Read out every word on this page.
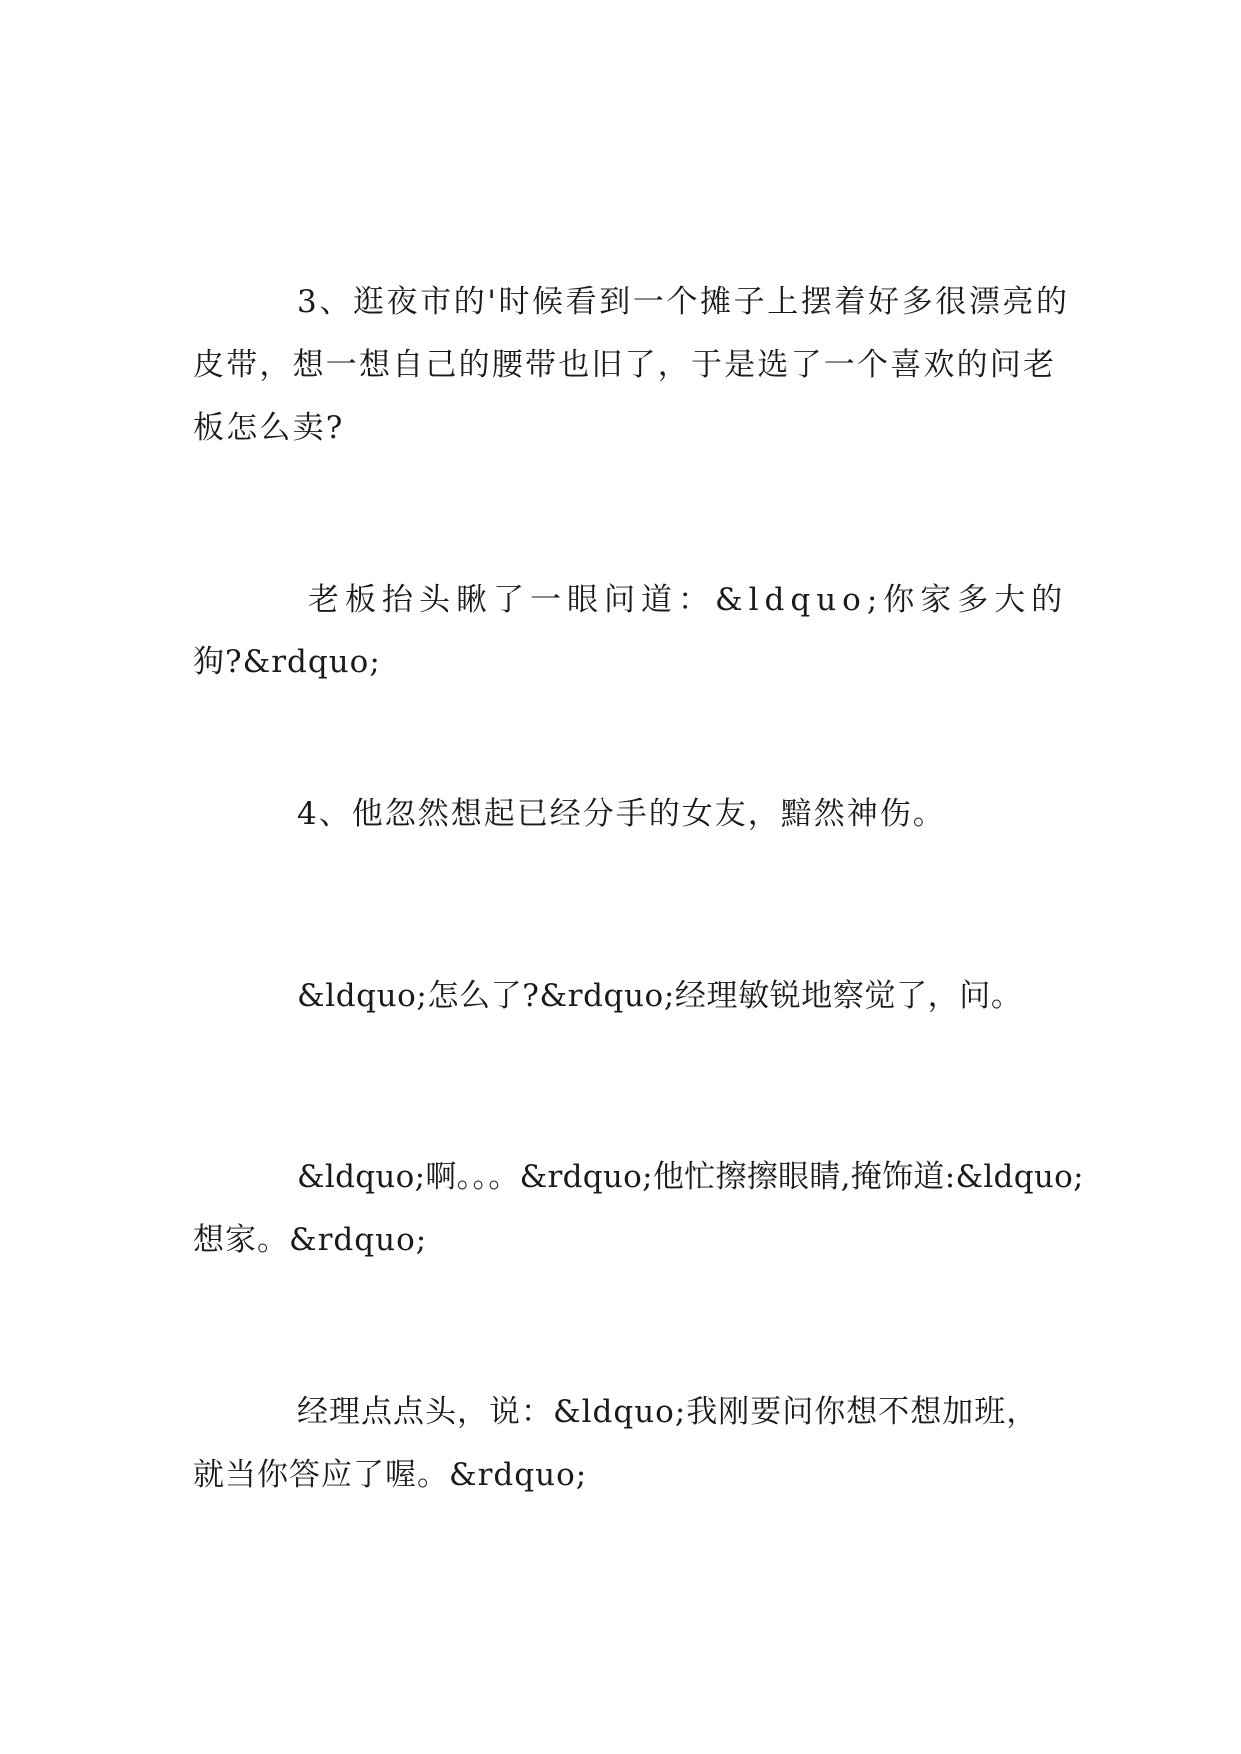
3、逛夜市的'时候看到一个摊子上摆着好多很漂亮的
皮带，想一想自己的腰带也旧了，于是选了一个喜欢的问老
板怎么卖?
老板抬头瞅了一眼问道：&ldquo;你家多大的
狗?&rdquo;
4、他忽然想起已经分手的女友，黯然神伤。
&ldquo;怎么了?&rdquo;经理敏锐地察觉了，问。
&ldquo;啊。。。&rdquo;他忙擦擦眼睛,掩饰道:&ldquo;
想家。&rdquo;
经理点点头，说：&ldquo;我刚要问你想不想加班，
就当你答应了喔。&rdquo;
